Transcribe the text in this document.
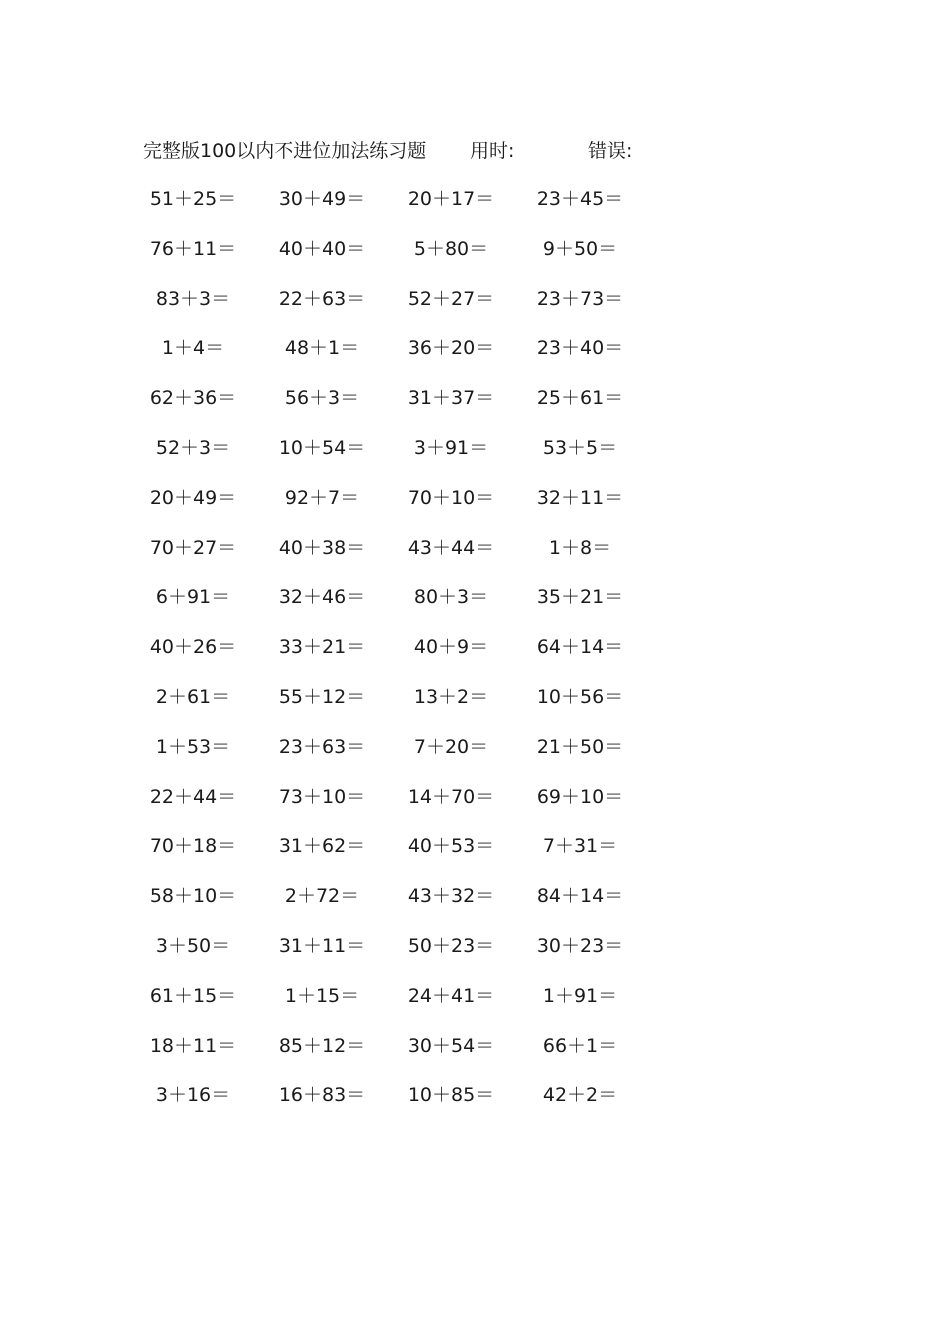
完整版100以内不进位加法练习题 用时:	错误:
51＋25＝	30＋49＝	20＋17＝	23＋45＝
76＋11＝	40＋40＝	5＋80＝	9＋50＝
83＋3＝	22＋63＝	52＋27＝	23＋73＝
1＋4＝	48＋1＝	36＋20＝	23＋40＝
62＋36＝	56＋3＝	31＋37＝	25＋61＝
52＋3＝	10＋54＝	3＋91＝	53＋5＝
20＋49＝	92＋7＝	70＋10＝	32＋11＝
70＋27＝	40＋38＝	43＋44＝	1＋8＝
6＋91＝	32＋46＝	80＋3＝	35＋21＝
40＋26＝	33＋21＝	40＋9＝	64＋14＝
2＋61＝	55＋12＝	13＋2＝	10＋56＝
1＋53＝	23＋63＝	7＋20＝	21＋50＝
22＋44＝	73＋10＝	14＋70＝	69＋10＝
70＋18＝	31＋62＝	40＋53＝	7＋31＝
58＋10＝	2＋72＝	43＋32＝	84＋14＝
3＋50＝	31＋11＝	50＋23＝	30＋23＝
61＋15＝	1＋15＝	24＋41＝	1＋91＝
18＋11＝	85＋12＝	30＋54＝	66＋1＝
3＋16＝	16＋83＝	10＋85＝	42＋2＝
